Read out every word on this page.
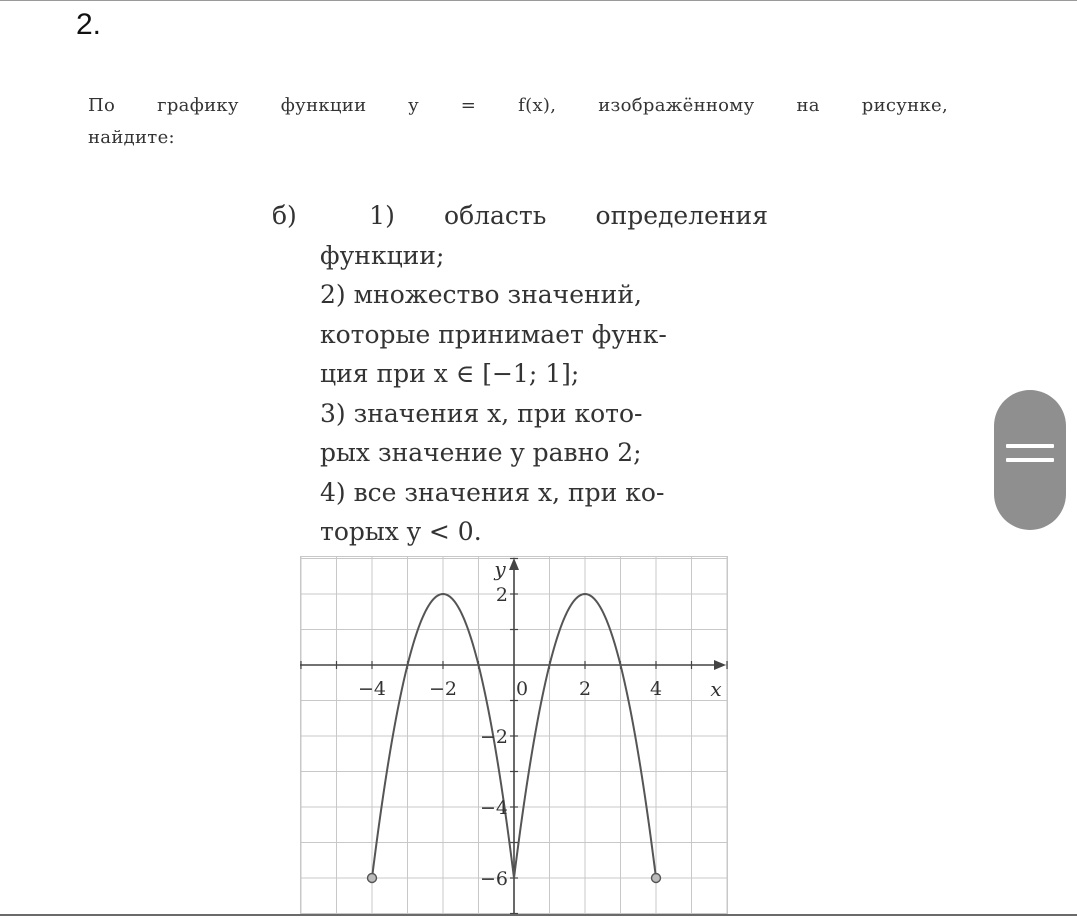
2.
По графику функции y = f(x), изображённому на рисунке,
найдите:
б)	1) область определения
функции;
2) множество значений,
которые принимает функ-
ция при x ∈ [−1; 1];
3) значения x, при кото-
рых значение y равно 2;
4) все значения x, при ко-
торых y < 0.
−4 −2	0	2	4
2
−2
−4
−6
x
y
